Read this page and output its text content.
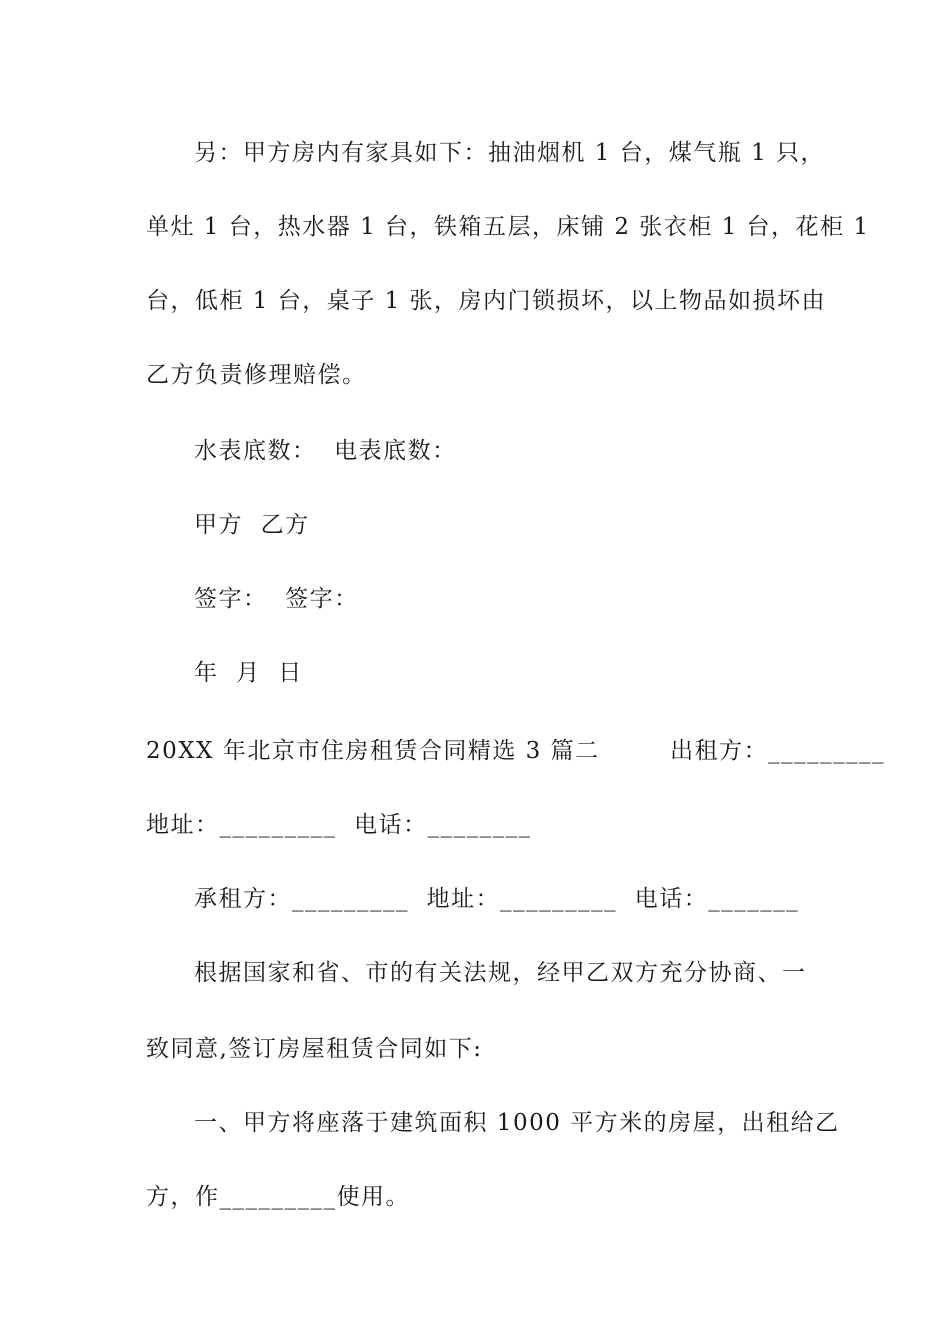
另：甲方房内有家具如下：抽油烟机 1 台，煤气瓶 1 只，
单灶 1 台，热水器 1 台，铁箱五层，床铺 2 张衣柜 1 台，花柜 1
台，低柜 1 台，桌子 1 张，房内门锁损坏，以上物品如损坏由
乙方负责修理赔偿。
水表底数：  电表底数：
甲方  乙方
签字：  签字：
年  月  日
20XX 年北京市住房租赁合同精选 3 篇二        出租方：_________
地址：_________  电话：________
承租方：_________  地址：_________  电话：_______
根据国家和省、市的有关法规，经甲乙双方充分协商、一
致同意,签订房屋租赁合同如下:
一、甲方将座落于建筑面积 1000 平方米的房屋，出租给乙
方，作_________使用。
